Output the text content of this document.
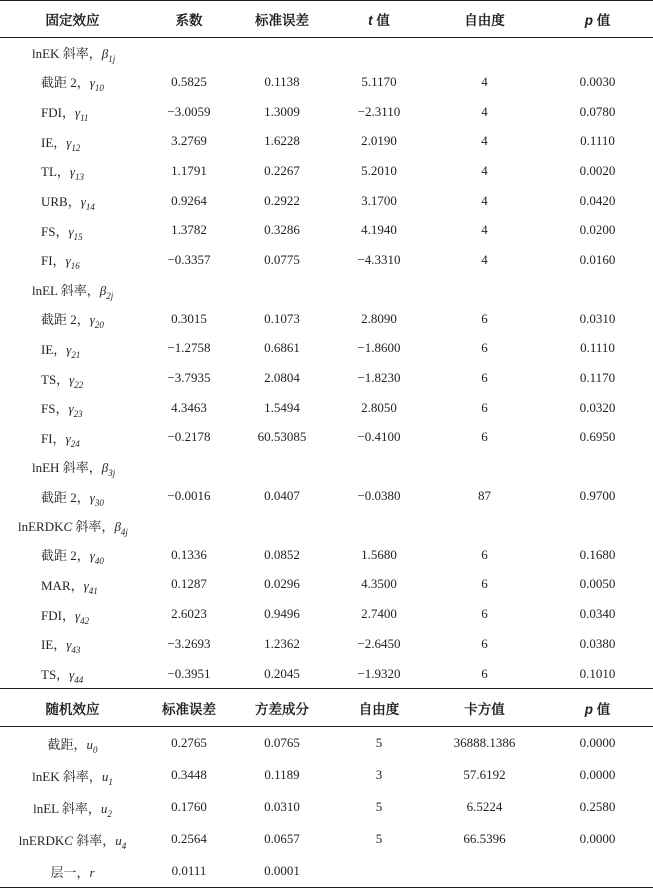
固定效应	系数	标准误差	t 值	自由度	p 值
lnEK 斜率，$\beta_{1j}$				
截距 2，$\gamma_{10}$	0.5825	0.1138	5.1170	4	0.0030
FDI，$\gamma_{11}$	−3.0059	1.3009	−2.3110	4	0.0780
IE，$\gamma_{12}$	3.2769	1.6228	2.0190	4	0.1110
TL，$\gamma_{13}$	1.1791	0.2267	5.2010	4	0.0020
URB，$\gamma_{14}$	0.9264	0.2922	3.1700	4	0.0420
FS，$\gamma_{15}$	1.3782	0.3286	4.1940	4	0.0200
FI，$\gamma_{16}$	−0.3357	0.0775	−4.3310	4	0.0160
lnEL 斜率，$\beta_{2j}$				
截距 2，$\gamma_{20}$	0.3015	0.1073	2.8090	6	0.0310
IE，$\gamma_{21}$	−1.2758	0.6861	−1.8600	6	0.1110
TS，$\gamma_{22}$	−3.7935	2.0804	−1.8230	6	0.1170
FS，$\gamma_{23}$	4.3463	1.5494	2.8050	6	0.0320
FI，$\gamma_{24}$	−0.2178	60.53085	−0.4100	6	0.6950
lnEH 斜率，$\beta_{3j}$				
截距 2，$\gamma_{30}$	−0.0016	0.0407	−0.0380	87	0.9700
lnERDKC 斜率，$\beta_{4j}$				
截距 2，$\gamma_{40}$	0.1336	0.0852	1.5680	6	0.1680
MAR，$\gamma_{41}$	0.1287	0.0296	4.3500	6	0.0050
FDI，$\gamma_{42}$	2.6023	0.9496	2.7400	6	0.0340
IE，$\gamma_{43}$	−3.2693	1.2362	−2.6450	6	0.0380
TS，$\gamma_{44}$	−0.3951	0.2045	−1.9320	6	0.1010
随机效应	标准误差	方差成分	自由度	卡方值	p 值
截距，$u_0$	0.2765	0.0765	5	36888.1386	0.0000
lnEK 斜率，$u_1$	0.3448	0.1189	3	57.6192	0.0000
lnEL 斜率，$u_2$	0.1760	0.0310	5	6.5224	0.2580
lnERDKC 斜率，$u_4$	0.2564	0.0657	5	66.5396	0.0000
层一，r	0.0111	0.0001			
